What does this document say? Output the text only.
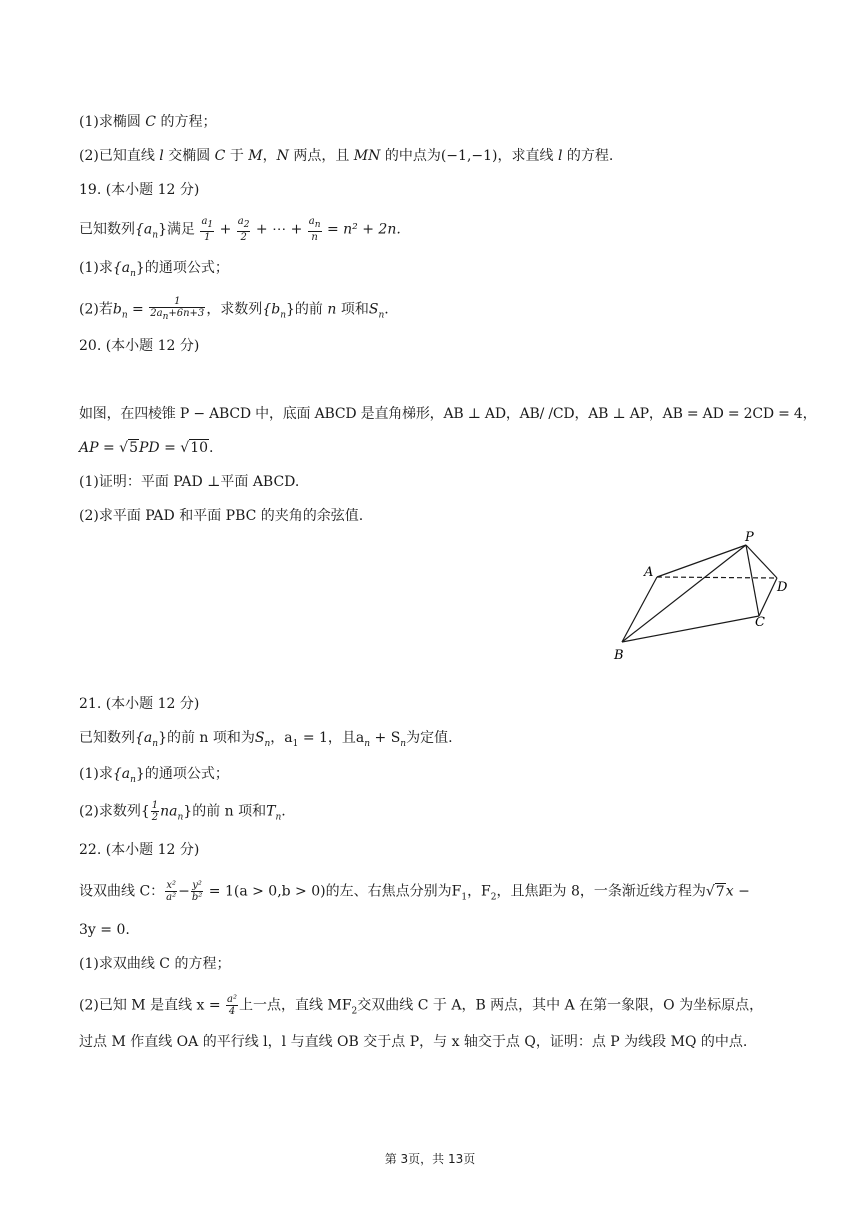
(1)求椭圆 C 的方程；
(2)已知直线 l 交椭圆 C 于 M，N 两点，且 MN 的中点为(−1,−1)，求直线 l 的方程.
19. (本小题 12 分)
已知数列$\{a_n\}$满足 $\frac{a_1}{1} + \frac{a_2}{2}$ + ⋯ + $\frac{a_n}{n} = n^2 + 2n$.
(1)求$\{a_n\}$的通项公式；
(2)若$b_n = \frac{1}{2a_n+6n+3}$ ，求数列$\{b_n\}$的前 n 项和$S_n$.
20. (本小题 12 分)
如图，在四棱锥 P − ABCD 中，底面 ABCD 是直角梯形，AB ⊥ AD，AB/ /CD，AB ⊥ AP，AB = AD = 2CD = 4，
AP = √5PD = √10.
(1)证明：平面 PAD ⊥平面 ABCD.
(2)求平面 PAD 和平面 PBC 的夹角的余弦值.
P
A
D
C
B
21. (本小题 12 分)
已知数列$\{a_n\}$的前 n 项和为$S_n$，$a_1 = 1$，且$a_n + S_n$为定值.
(1)求$\{a_n\}$的通项公式；
(2)求数列{ $\frac{1}{2} na_n$}的前 n 项和$T_n$.
22. (本小题 12 分)
设双曲线 C： $\frac{\text{x²}}{\text{a²}} - \frac{\text{y²}}{\text{b²}} = 1(a > 0,b > 0)$的左、右焦点分别为$F_1$，$F_2$，且焦距为 8，一条渐近线方程为√7x −
3y = 0.
(1)求双曲线 C 的方程；
(2)已知 M 是直线 $x = \frac{\text{a²}}{4}$ 上一点，直线 $MF_2$交双曲线 C 于 A，B 两点，其中 A 在第一象限，O 为坐标原点，
过点 M 作直线 OA 的平行线 l，l 与直线 OB 交于点 P，与 x 轴交于点 Q，证明：点 P 为线段 MQ 的中点.
第 3页，共 13页
